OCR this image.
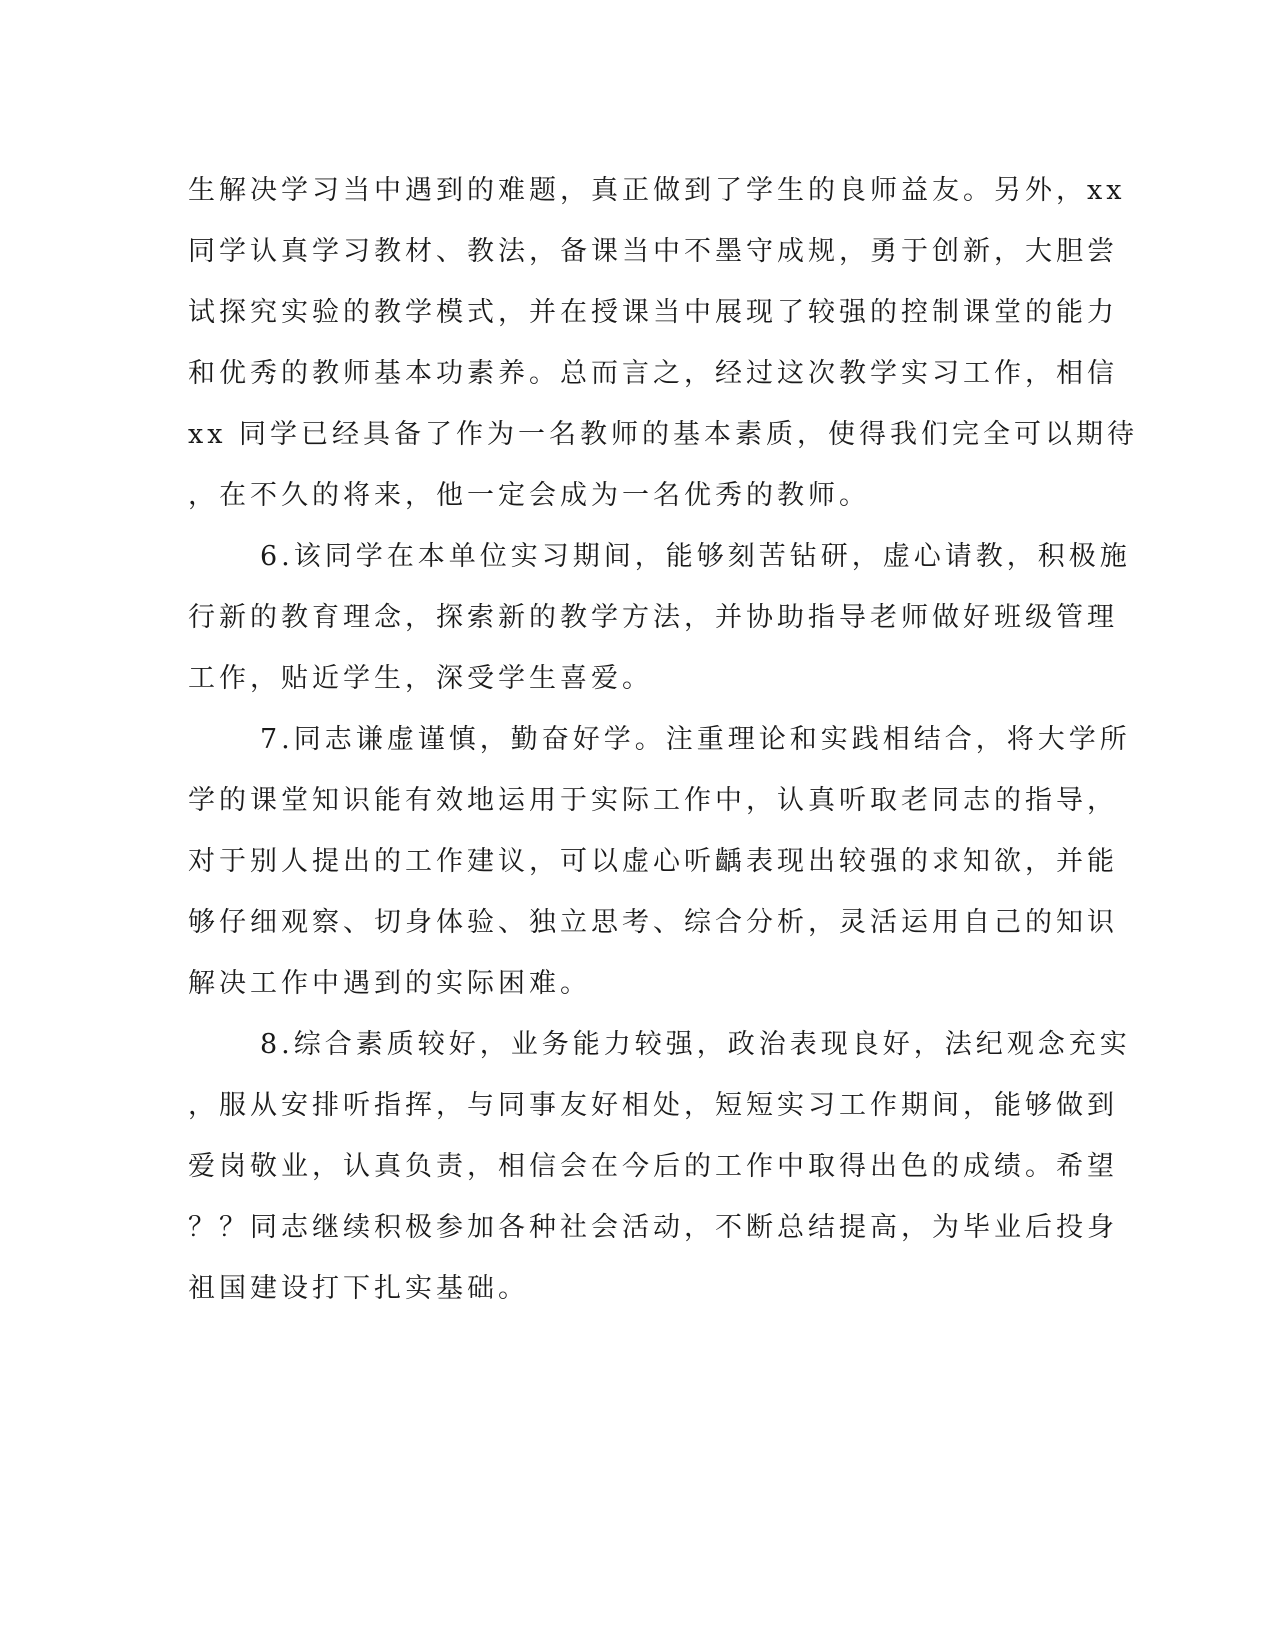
生解决学习当中遇到的难题，真正做到了学生的良师益友。另外，xx
同学认真学习教材、教法，备课当中不墨守成规，勇于创新，大胆尝
试探究实验的教学模式，并在授课当中展现了较强的控制课堂的能力
和优秀的教师基本功素养。总而言之，经过这次教学实习工作，相信
xx 同学已经具备了作为一名教师的基本素质，使得我们完全可以期待
，在不久的将来，他一定会成为一名优秀的教师。
6.该同学在本单位实习期间，能够刻苦钻研，虚心请教，积极施
行新的教育理念，探索新的教学方法，并协助指导老师做好班级管理
工作，贴近学生，深受学生喜爱。
7.同志谦虚谨慎，勤奋好学。注重理论和实践相结合，将大学所
学的课堂知识能有效地运用于实际工作中，认真听取老同志的指导，
对于别人提出的工作建议，可以虚心听齲表现出较强的求知欲，并能
够仔细观察、切身体验、独立思考、综合分析，灵活运用自己的知识
解决工作中遇到的实际困难。
8.综合素质较好，业务能力较强，政治表现良好，法纪观念充实
，服从安排听指挥，与同事友好相处，短短实习工作期间，能够做到
爱岗敬业，认真负责，相信会在今后的工作中取得出色的成绩。希望
？？同志继续积极参加各种社会活动，不断总结提高，为毕业后投身
祖国建设打下扎实基础。
